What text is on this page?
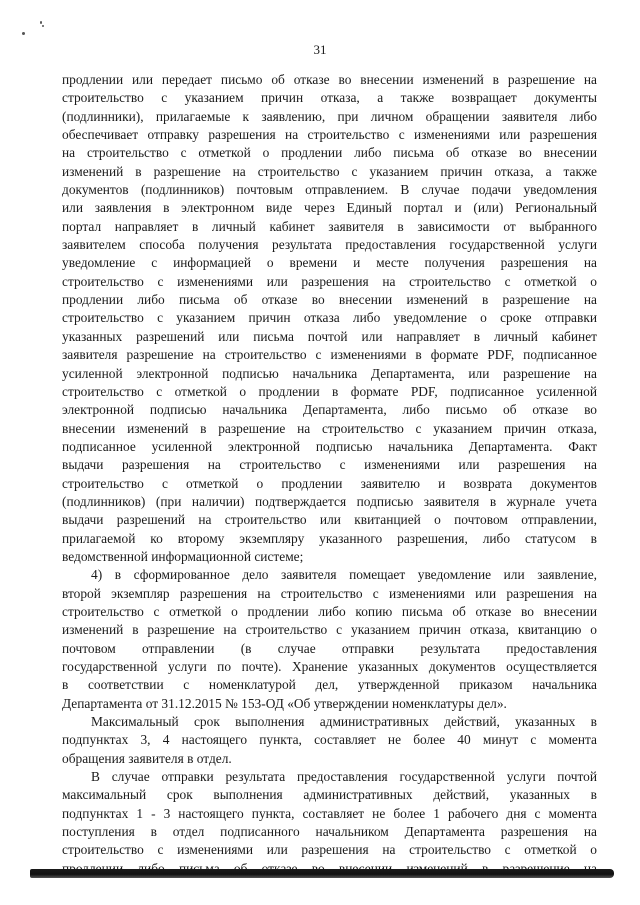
31
продлении или передает письмо об отказе во внесении изменений в разрешение на
строительство с указанием причин отказа, а также возвращает документы
(подлинники), прилагаемые к заявлению, при личном обращении заявителя либо
обеспечивает отправку разрешения на строительство с изменениями или разрешения
на строительство с отметкой о продлении либо письма об отказе во внесении
изменений в разрешение на строительство с указанием причин отказа, а также
документов (подлинников) почтовым отправлением. В случае подачи уведомления
или заявления в электронном виде через Единый портал и (или) Региональный
портал направляет в личный кабинет заявителя в зависимости от выбранного
заявителем способа получения результата предоставления государственной услуги
уведомление с информацией о времени и месте получения разрешения на
строительство с изменениями или разрешения на строительство с отметкой о
продлении либо письма об отказе во внесении изменений в разрешение на
строительство с указанием причин отказа либо уведомление о сроке отправки
указанных разрешений или письма почтой или направляет в личный кабинет
заявителя разрешение на строительство с изменениями в формате PDF, подписанное
усиленной электронной подписью начальника Департамента, или разрешение на
строительство с отметкой о продлении в формате PDF, подписанное усиленной
электронной подписью начальника Департамента, либо письмо об отказе во
внесении изменений в разрешение на строительство с указанием причин отказа,
подписанное усиленной электронной подписью начальника Департамента. Факт
выдачи разрешения на строительство с изменениями или разрешения на
строительство с отметкой о продлении заявителю и возврата документов
(подлинников) (при наличии) подтверждается подписью заявителя в журнале учета
выдачи разрешений на строительство или квитанцией о почтовом отправлении,
прилагаемой ко второму экземпляру указанного разрешения, либо статусом в
ведомственной информационной системе;
4) в сформированное дело заявителя помещает уведомление или заявление,
второй экземпляр разрешения на строительство с изменениями или разрешения на
строительство с отметкой о продлении либо копию письма об отказе во внесении
изменений в разрешение на строительство с указанием причин отказа, квитанцию о
почтовом отправлении (в случае отправки результата предоставления
государственной услуги по почте). Хранение указанных документов осуществляется
в соответствии с номенклатурой дел, утвержденной приказом начальника
Департамента от 31.12.2015 № 153-ОД «Об утверждении номенклатуры дел».
Максимальный срок выполнения административных действий, указанных в
подпунктах 3, 4 настоящего пункта, составляет не более 40 минут с момента
обращения заявителя в отдел.
В случае отправки результата предоставления государственной услуги почтой
максимальный срок выполнения административных действий, указанных в
подпунктах 1 - 3 настоящего пункта, составляет не более 1 рабочего дня с момента
поступления в отдел подписанного начальником Департамента разрешения на
строительство с изменениями или разрешения на строительство с отметкой о
